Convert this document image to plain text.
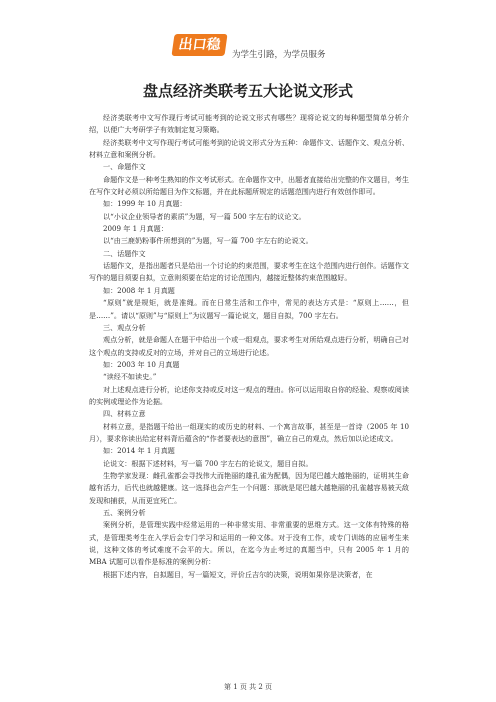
出口稳
为学生引路，为学员服务
盘点经济类联考五大论说文形式

经济类联考中文写作现行考试可能考到的论说文形式有哪些？现将论说文的每种题型简单分析介绍，以便广大考研学子有效制定复习策略。

经济类联考中文写作现行考试可能考到的论说文形式分为五种：命题作文、话题作文、观点分析、材料立意和案例分析。

一、命题作文

命题作文是一种考生熟知的作文考试形式。在命题作文中，出题者直接给出完整的作文题目，考生在写作文时必须以所给题目为作文标题，并在此标题所规定的话题范围内进行有效创作即可。

如：1999 年 10 月真题：

以“小议企业领导者的素质”为题，写一篇 500 字左右的议论文。

2009 年 1 月真题：

以“由三鹿奶粉事件所想到的”为题，写一篇 700 字左右的论说文。

二、话题作文

话题作文，是指出题者只是给出一个讨论的约束范围，要求考生在这个范围内进行创作。话题作文写作的题目须要自拟，立意则须要在给定的讨论范围内，越接近整体约束范围越好。

如：2008 年 1 月真题

“原则”就是规矩，就是准绳。而在日常生活和工作中，常见的表达方式是：“原则上……，但是……”。请以“原则”与“原则上”为议题写一篇论说文，题目自拟，700 字左右。

三、观点分析

观点分析，就是命题人在题干中给出一个或一组观点，要求考生对所给观点进行分析，明确自己对这个观点的支持或反对的立场，并对自己的立场进行论述。

如：2003 年 10 月真题

“读经不如读史。”

对上述观点进行分析，论述你支持或反对这一观点的理由。你可以运用取自你的经验、观察或阅读的实例或理论作为论据。

四、材料立意

材料立意，是指题干给出一组现实的或历史的材料、一个寓言故事，甚至是一首诗（2005 年 10 月），要求你读出给定材料背后蕴含的“作者要表达的意图”，确立自己的观点，然后加以论述成文。

如：2014 年 1 月真题

论说文：根据下述材料，写一篇 700 字左右的论说文，题目自拟。

生物学家发现：雌孔雀都会寻找伟大而艳丽的雄孔雀为配偶，因为尾巴越大越艳丽的，证明其生命越有活力，后代也就越健康。这一选择也会产生一个问题：那就是尾巴越大越艳丽的孔雀越容易被天敌发现和捕获，从而更宜死亡。

五、案例分析

案例分析，是管理实践中经常运用的一种非常实用、非常重要的思维方式。这一文体有特殊的格式，是管理类考生在入学后会专门学习和运用的一种文体。对于没有工作，或专门训练的应届考生来说，这种文体的考试难度不会平的大。所以，在迄今为止考过的真题当中，只有 2005 年 1 月的 MBA 试题可以看作是标准的案例分析：

根据下述内容，自拟题目，写一篇短文，评价丘吉尔的决策，说明如果你是决策者，在

第 1 页 共 2 页
